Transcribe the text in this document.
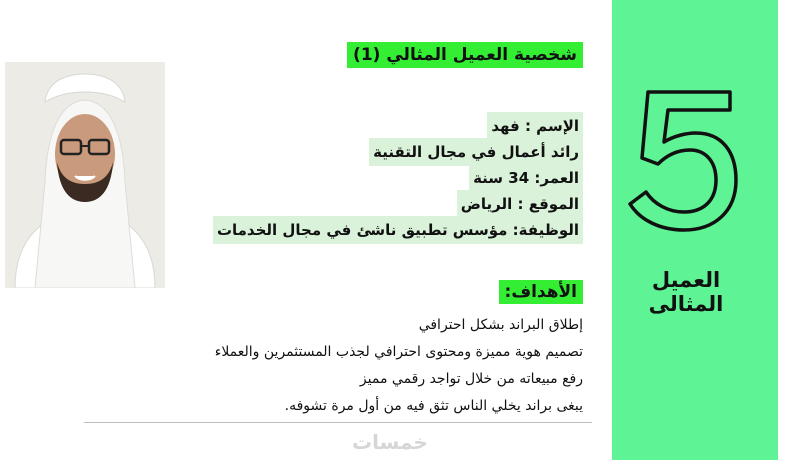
العميل المثالى
شخصية العميل المثالي (1)
الإسم : فهد
رائد أعمال في مجال التقنية
العمر: 34 سنة
الموقع : الرياض
الوظيفة: مؤسس تطبيق ناشئ في مجال الخدمات
الأهداف:
إطلاق البراند بشكل احترافي
تصميم هوية مميزة ومحتوى احترافي لجذب المستثمرين والعملاء
رفع مبيعاته من خلال تواجد رقمي مميز
يبغى براند يخلي الناس تثق فيه من أول مرة تشوفه.
خمسات
